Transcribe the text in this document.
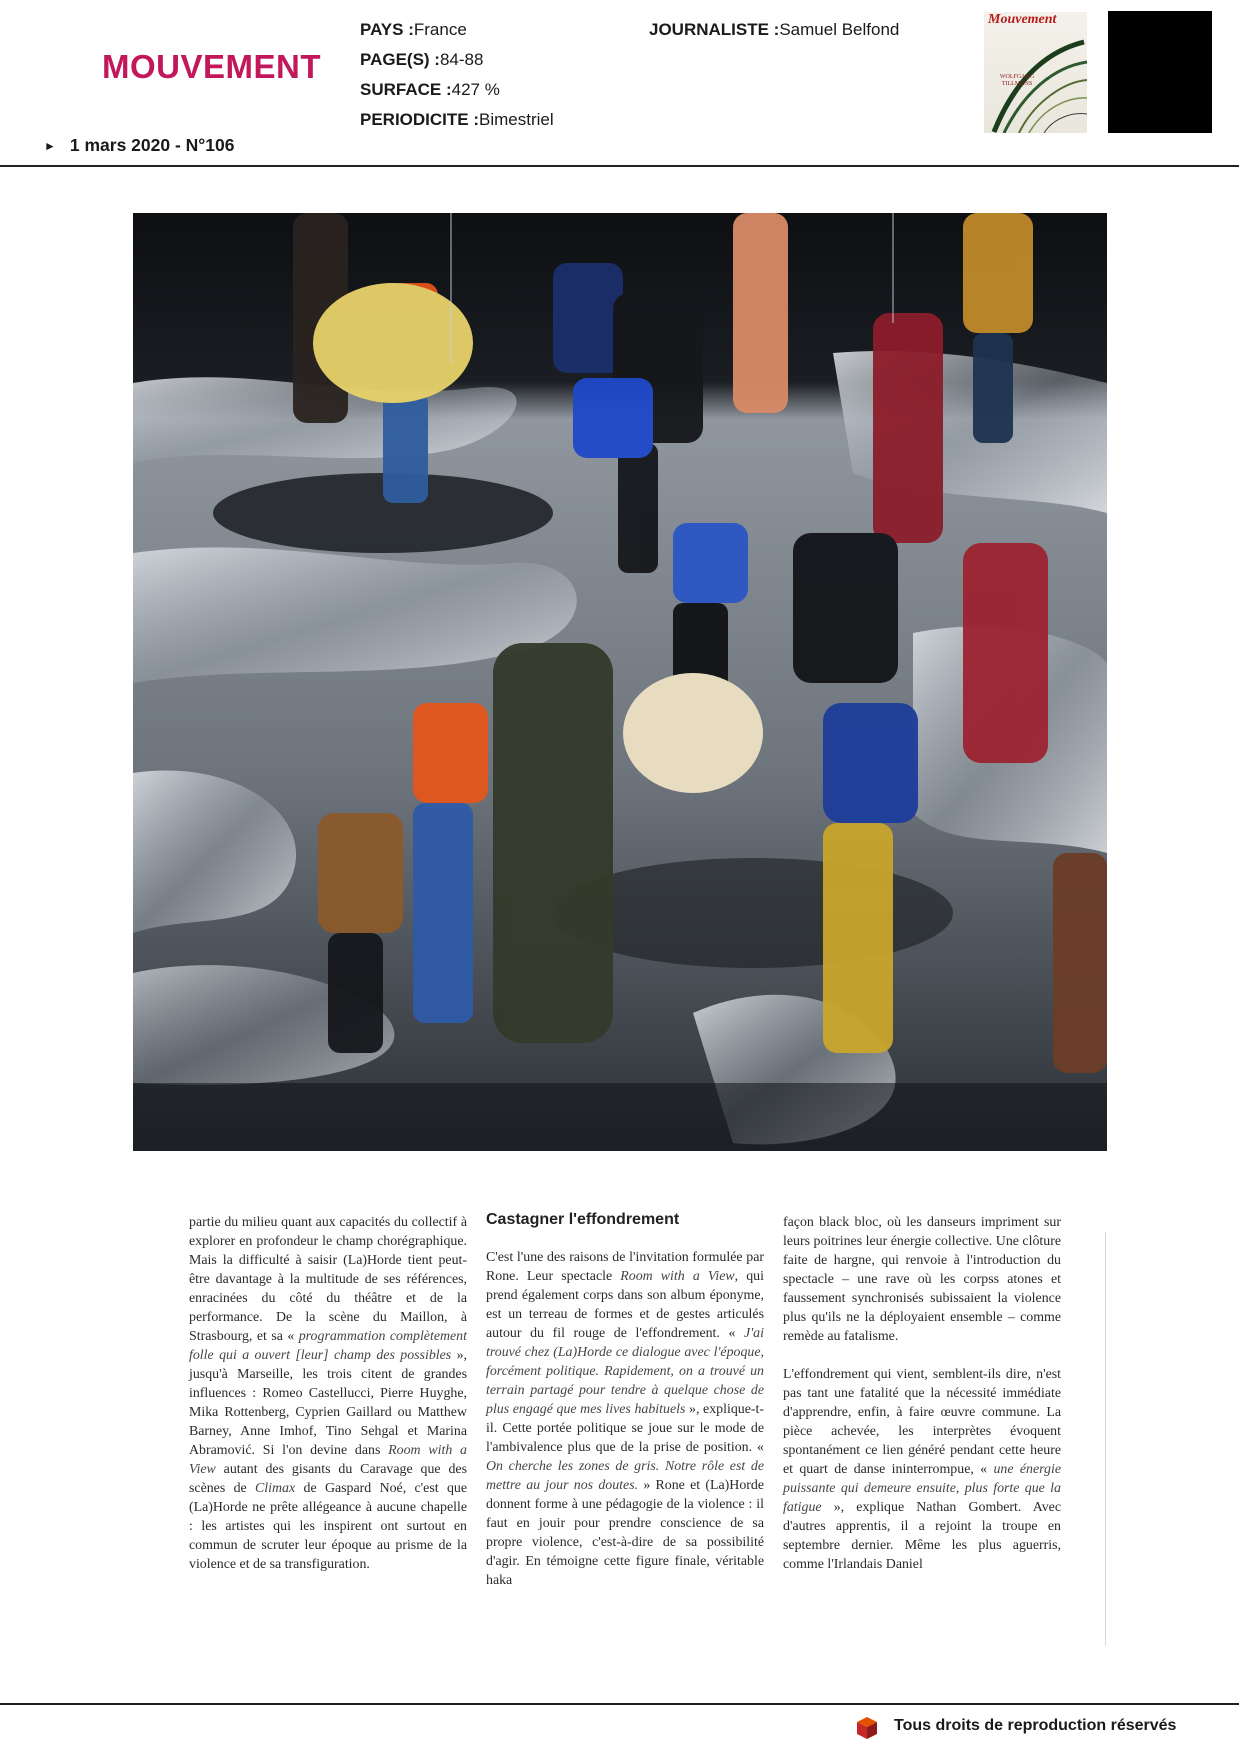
MOUVEMENT
PAYS :France
PAGE(S) :84-88
SURFACE :427 %
PERIODICITE :Bimestriel
JOURNALISTE :Samuel Belfond
► 1 mars 2020 - N°106
Mouvement
WOLFGANG TILLMANS

partie du milieu quant aux capacités du collectif à explorer en profondeur le champ chorégraphique. Mais la difficulté à saisir (La)Horde tient peut-être davantage à la multitude de ses références, enracinées du côté du théâtre et de la performance. De la scène du Maillon, à Strasbourg, et sa « programmation complètement folle qui a ouvert [leur] champ des possibles », jusqu'à Marseille, les trois citent de grandes influences : Romeo Castellucci, Pierre Huyghe, Mika Rottenberg, Cyprien Gaillard ou Matthew Barney, Anne Imhof, Tino Sehgal et Marina Abramović. Si l'on devine dans Room with a View autant des gisants du Caravage que des scènes de Climax de Gaspard Noé, c'est que (La)Horde ne prête allégeance à aucune chapelle : les artistes qui les inspirent ont surtout en commun de scruter leur époque au prisme de la violence et de sa transfiguration.

Castagner l'effondrement

C'est l'une des raisons de l'invitation formulée par Rone. Leur spectacle Room with a View, qui prend également corps dans son album éponyme, est un terreau de formes et de gestes articulés autour du fil rouge de l'effondrement. « J'ai trouvé chez (La)Horde ce dialogue avec l'époque, forcément politique. Rapidement, on a trouvé un terrain partagé pour tendre à quelque chose de plus engagé que mes lives habituels », explique-t-il. Cette portée politique se joue sur le mode de l'ambivalence plus que de la prise de position. « On cherche les zones de gris. Notre rôle est de mettre au jour nos doutes. » Rone et (La)Horde donnent forme à une pédagogie de la violence : il faut en jouir pour prendre conscience de sa propre violence, c'est-à-dire de sa possibilité d'agir. En témoigne cette figure finale, véritable haka

façon black bloc, où les danseurs impriment sur leurs poitrines leur énergie collective. Une clôture faite de hargne, qui renvoie à l'introduction du spectacle – une rave où les corpss atones et faussement synchronisés subissaient la violence plus qu'ils ne la déployaient ensemble – comme remède au fatalisme.

L'effondrement qui vient, semblent-ils dire, n'est pas tant une fatalité que la nécessité immédiate d'apprendre, enfin, à faire œuvre commune. La pièce achevée, les interprètes évoquent spontanément ce lien généré pendant cette heure et quart de danse ininterrompue, « une énergie puissante qui demeure ensuite, plus forte que la fatigue », explique Nathan Gombert. Avec d'autres apprentis, il a rejoint la troupe en septembre dernier. Même les plus aguerris, comme l'Irlandais Daniel

Tous droits de reproduction réservés
